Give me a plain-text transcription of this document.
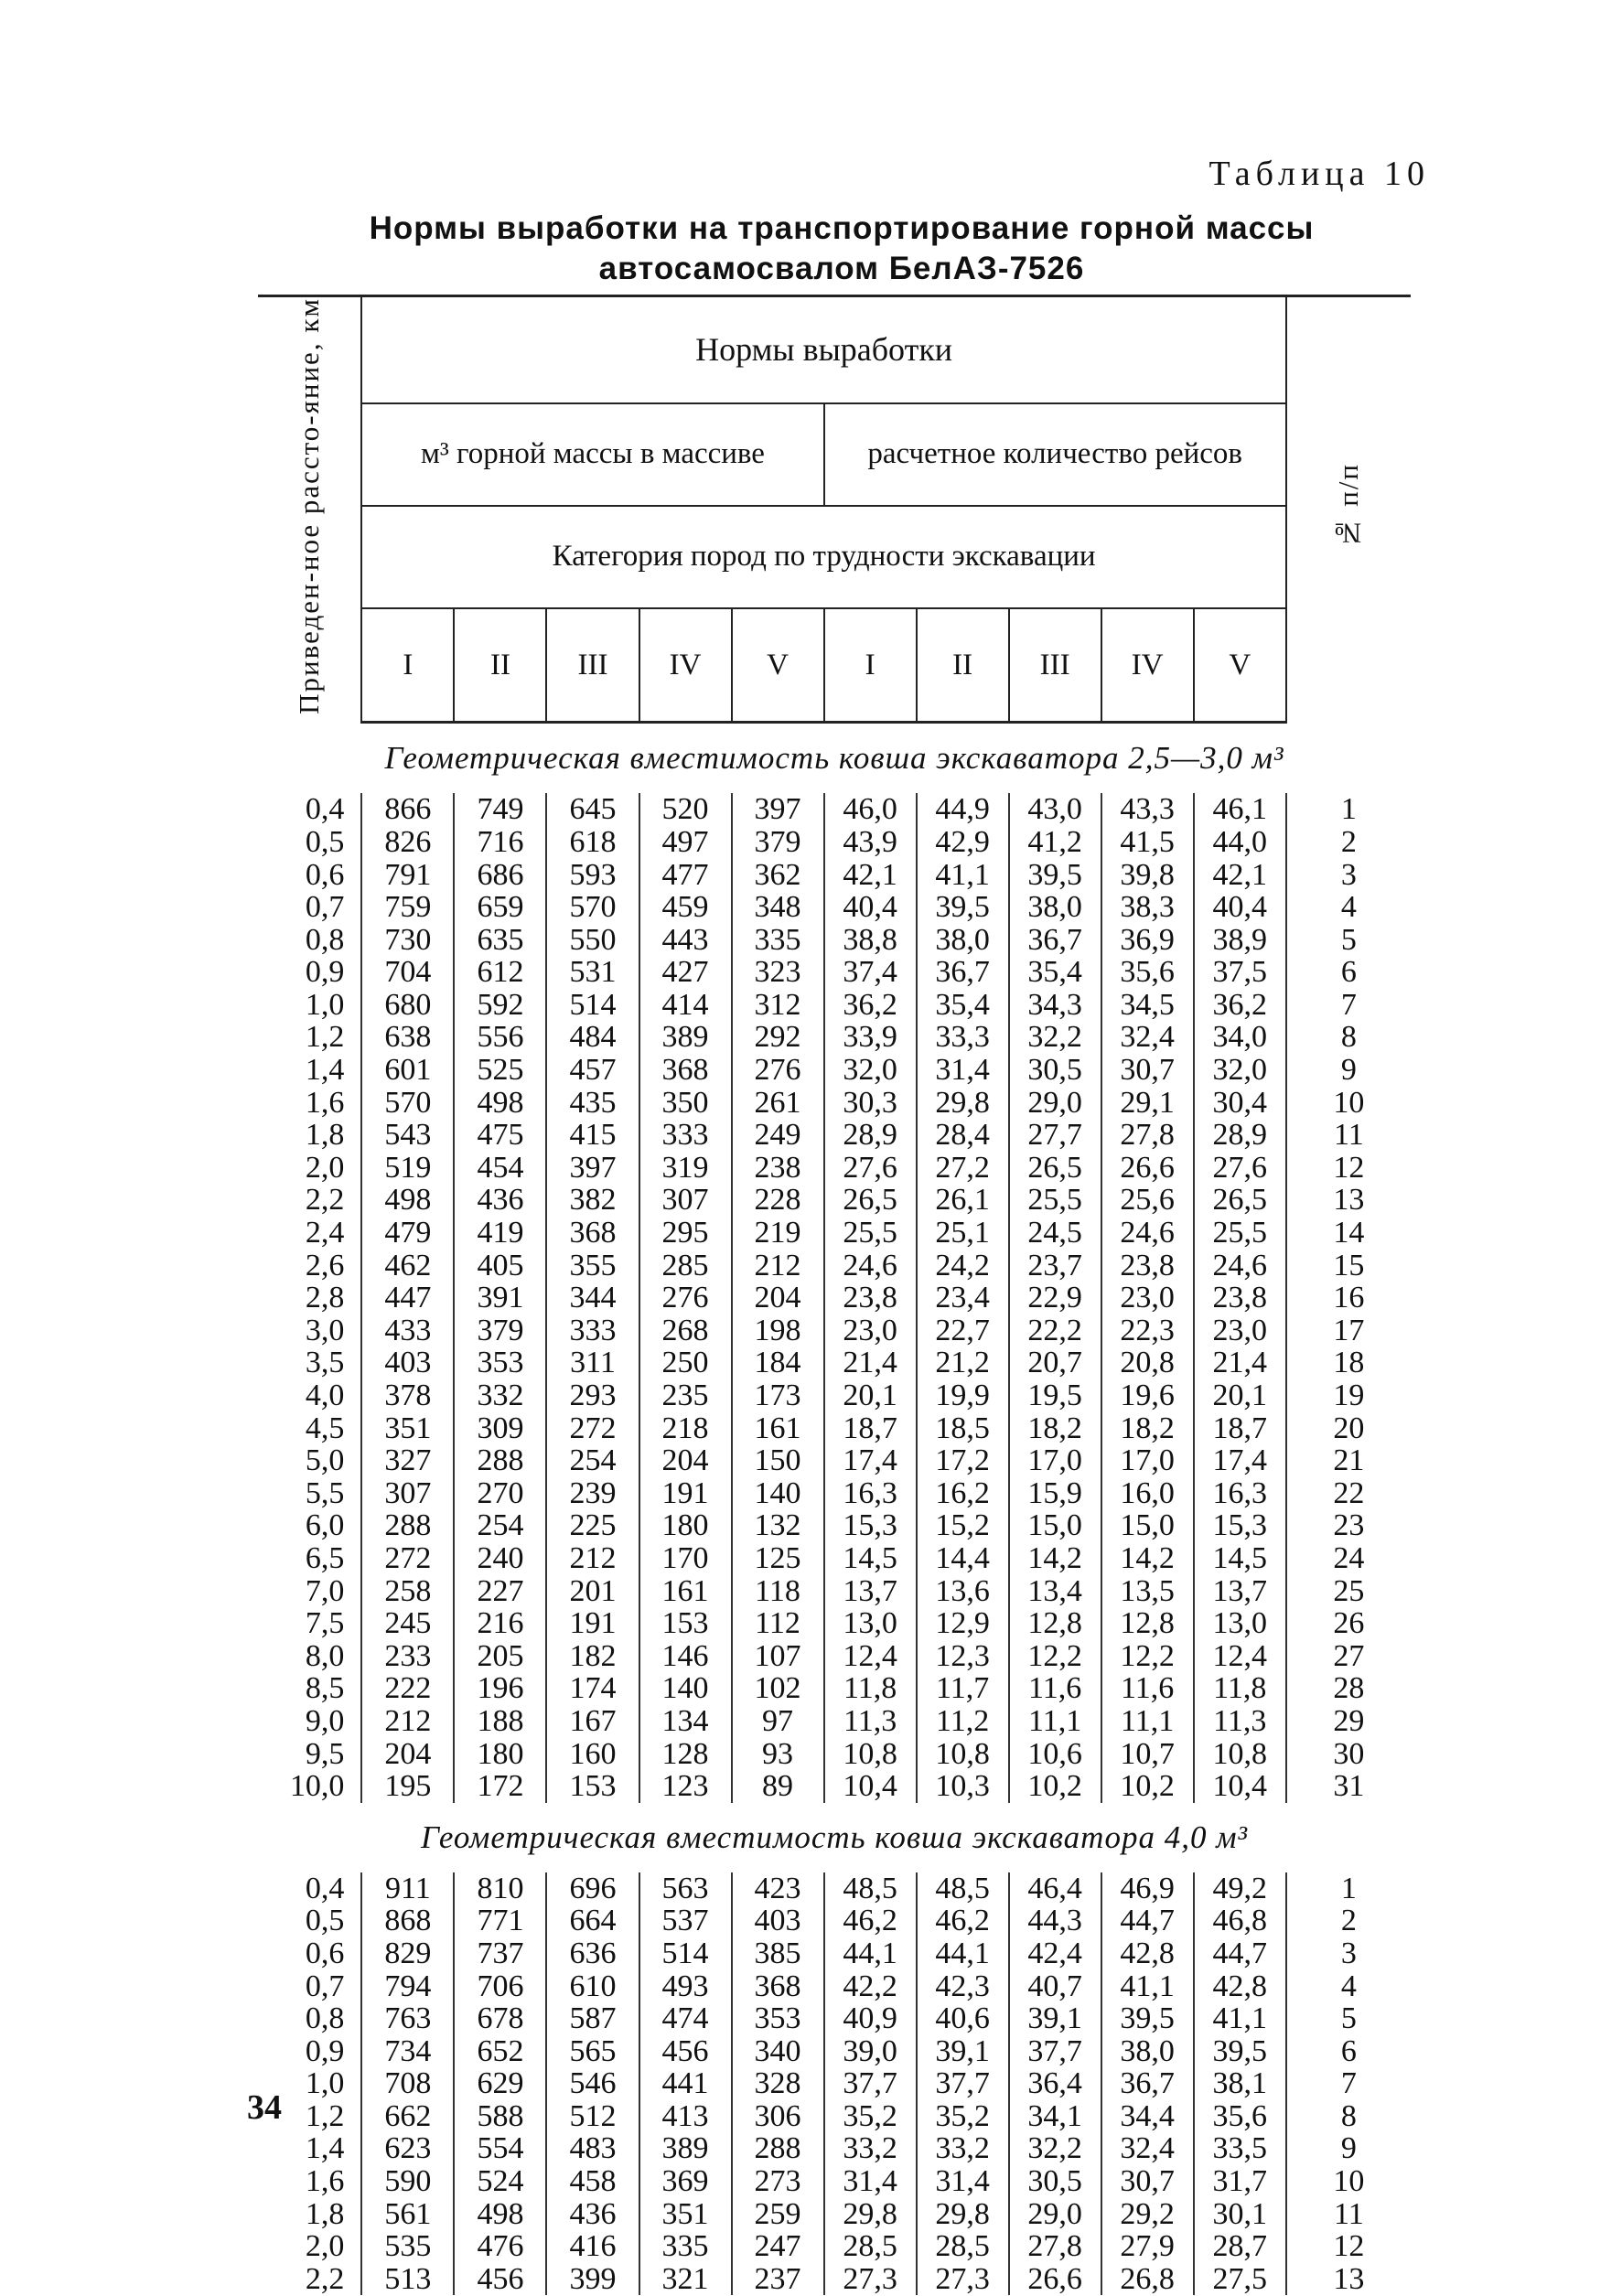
Таблица 10
Нормы выработки на транспортирование горной массы
автосамосвалом БелАЗ-7526
Приведен-ное рассто-яние, км	Нормы выработки										№ п/п
	м³ горной массы в массиве					расчетное количество рейсов					
	Категория пород по трудности экскавации										
	I	II	III	IV	V	I	II	III	IV	V	
Геометрическая вместимость ковша экскаватора 2,5—3,0 м³											
0,4	866	749	645	520	397	46,0	44,9	43,0	43,3	46,1	1
0,5	826	716	618	497	379	43,9	42,9	41,2	41,5	44,0	2
0,6	791	686	593	477	362	42,1	41,1	39,5	39,8	42,1	3
0,7	759	659	570	459	348	40,4	39,5	38,0	38,3	40,4	4
0,8	730	635	550	443	335	38,8	38,0	36,7	36,9	38,9	5
0,9	704	612	531	427	323	37,4	36,7	35,4	35,6	37,5	6
1,0	680	592	514	414	312	36,2	35,4	34,3	34,5	36,2	7
1,2	638	556	484	389	292	33,9	33,3	32,2	32,4	34,0	8
1,4	601	525	457	368	276	32,0	31,4	30,5	30,7	32,0	9
1,6	570	498	435	350	261	30,3	29,8	29,0	29,1	30,4	10
1,8	543	475	415	333	249	28,9	28,4	27,7	27,8	28,9	11
2,0	519	454	397	319	238	27,6	27,2	26,5	26,6	27,6	12
2,2	498	436	382	307	228	26,5	26,1	25,5	25,6	26,5	13
2,4	479	419	368	295	219	25,5	25,1	24,5	24,6	25,5	14
2,6	462	405	355	285	212	24,6	24,2	23,7	23,8	24,6	15
2,8	447	391	344	276	204	23,8	23,4	22,9	23,0	23,8	16
3,0	433	379	333	268	198	23,0	22,7	22,2	22,3	23,0	17
3,5	403	353	311	250	184	21,4	21,2	20,7	20,8	21,4	18
4,0	378	332	293	235	173	20,1	19,9	19,5	19,6	20,1	19
4,5	351	309	272	218	161	18,7	18,5	18,2	18,2	18,7	20
5,0	327	288	254	204	150	17,4	17,2	17,0	17,0	17,4	21
5,5	307	270	239	191	140	16,3	16,2	15,9	16,0	16,3	22
6,0	288	254	225	180	132	15,3	15,2	15,0	15,0	15,3	23
6,5	272	240	212	170	125	14,5	14,4	14,2	14,2	14,5	24
7,0	258	227	201	161	118	13,7	13,6	13,4	13,5	13,7	25
7,5	245	216	191	153	112	13,0	12,9	12,8	12,8	13,0	26
8,0	233	205	182	146	107	12,4	12,3	12,2	12,2	12,4	27
8,5	222	196	174	140	102	11,8	11,7	11,6	11,6	11,8	28
9,0	212	188	167	134	97	11,3	11,2	11,1	11,1	11,3	29
9,5	204	180	160	128	93	10,8	10,8	10,6	10,7	10,8	30
10,0	195	172	153	123	89	10,4	10,3	10,2	10,2	10,4	31
Геометрическая вместимость ковша экскаватора 4,0 м³											
0,4	911	810	696	563	423	48,5	48,5	46,4	46,9	49,2	1
0,5	868	771	664	537	403	46,2	46,2	44,3	44,7	46,8	2
0,6	829	737	636	514	385	44,1	44,1	42,4	42,8	44,7	3
0,7	794	706	610	493	368	42,2	42,3	40,7	41,1	42,8	4
0,8	763	678	587	474	353	40,9	40,6	39,1	39,5	41,1	5
0,9	734	652	565	456	340	39,0	39,1	37,7	38,0	39,5	6
1,0	708	629	546	441	328	37,7	37,7	36,4	36,7	38,1	7
1,2	662	588	512	413	306	35,2	35,2	34,1	34,4	35,6	8
1,4	623	554	483	389	288	33,2	33,2	32,2	32,4	33,5	9
1,6	590	524	458	369	273	31,4	31,4	30,5	30,7	31,7	10
1,8	561	498	436	351	259	29,8	29,8	29,0	29,2	30,1	11
2,0	535	476	416	335	247	28,5	28,5	27,8	27,9	28,7	12
2,2	513	456	399	321	237	27,3	27,3	26,6	26,8	27,5	13
34
